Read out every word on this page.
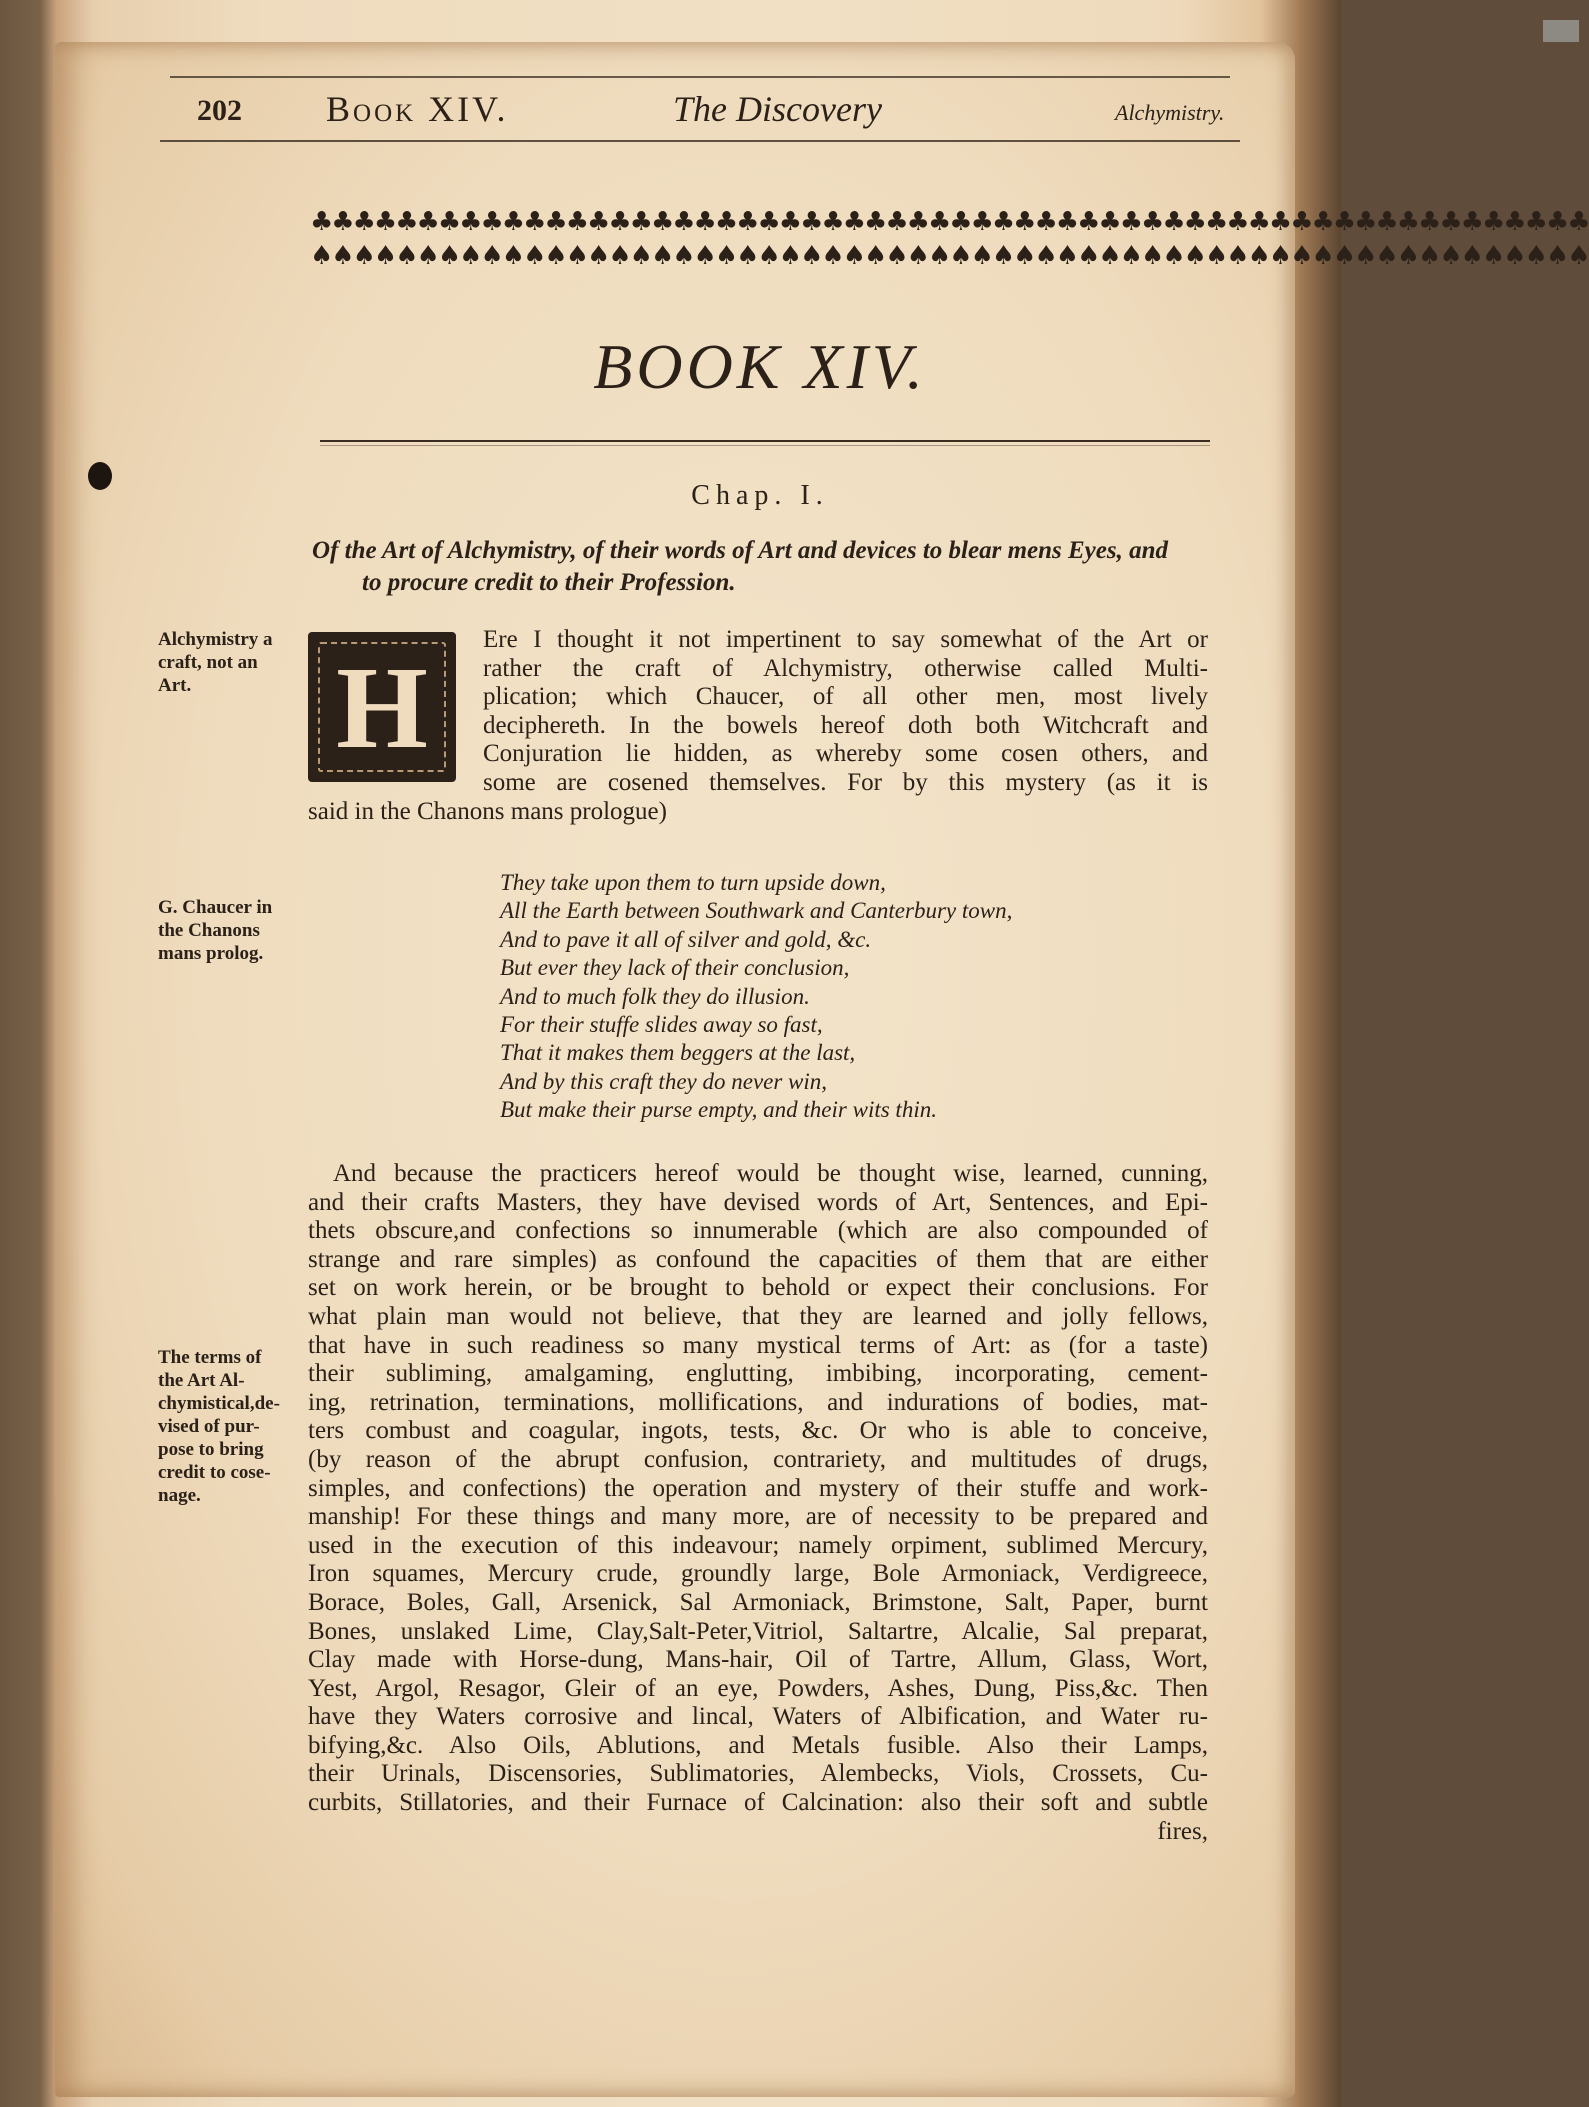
202 Book XIV.	The Discovery	Alchymistry.
♣♣♣♣♣♣♣♣♣♣♣♣♣♣♣♣♣♣♣♣♣♣♣♣♣♣♣♣♣♣♣♣♣♣♣♣♣♣♣♣♣♣♣♣♣♣♣♣♣♣♣♣♣♣♣♣♣♣♣♣
♠♠♠♠♠♠♠♠♠♠♠♠♠♠♠♠♠♠♠♠♠♠♠♠♠♠♠♠♠♠♠♠♠♠♠♠♠♠♠♠♠♠♠♠♠♠♠♠♠♠♠♠♠♠♠♠♠♠♠♠
BOOK XIV.
Chap. I.
Of the Art of Alchymistry, of their words of Art and devices to blear mens Eyes, and
to procure credit to their Profession.
Alchymistry a
craft, not an
Art.
G. Chaucer in
the Chanons
mans prolog.
The terms of
the Art Al-
chymistical,de-
vised of pur-
pose to bring
credit to cose-
nage.
H
Ere I thought it not impertinent to say somewhat of the Art or
rather the craft of Alchymistry, otherwise called Multi-
plication; which Chaucer, of all other men, most lively
deciphereth. In the bowels hereof doth both Witchcraft and
Conjuration lie hidden, as whereby some cosen others, and
some are cosened themselves. For by this mystery (as it is
said in the Chanons mans prologue)
They take upon them to turn upside down,
All the Earth between Southwark and Canterbury town,
And to pave it all of silver and gold, &c.
But ever they lack of their conclusion,
And to much folk they do illusion.
For their stuffe slides away so fast,
That it makes them beggers at the last,
And by this craft they do never win,
But make their purse empty, and their wits thin.
And because the practicers hereof would be thought wise, learned, cunning,
and their crafts Masters, they have devised words of Art, Sentences, and Epi-
thets obscure,and confections so innumerable (which are also compounded of
strange and rare simples) as confound the capacities of them that are either
set on work herein, or be brought to behold or expect their conclusions. For
what plain man would not believe, that they are learned and jolly fellows,
that have in such readiness so many mystical terms of Art: as (for a taste)
their subliming, amalgaming, englutting, imbibing, incorporating, cement-
ing, retrination, terminations, mollifications, and indurations of bodies, mat-
ters combust and coagular, ingots, tests, &c. Or who is able to conceive,
(by reason of the abrupt confusion, contrariety, and multitudes of drugs,
simples, and confections) the operation and mystery of their stuffe and work-
manship! For these things and many more, are of necessity to be prepared and
used in the execution of this indeavour; namely orpiment, sublimed Mercury,
Iron squames, Mercury crude, groundly large, Bole Armoniack, Verdigreece,
Borace, Boles, Gall, Arsenick, Sal Armoniack, Brimstone, Salt, Paper, burnt
Bones, unslaked Lime, Clay,Salt-Peter,Vitriol, Saltartre, Alcalie, Sal preparat,
Clay made with Horse-dung, Mans-hair, Oil of Tartre, Allum, Glass, Wort,
Yest, Argol, Resagor, Gleir of an eye, Powders, Ashes, Dung, Piss,&c. Then
have they Waters corrosive and lincal, Waters of Albification, and Water ru-
bifying,&c. Also Oils, Ablutions, and Metals fusible. Also their Lamps,
their Urinals, Discensories, Sublimatories, Alembecks, Viols, Crossets, Cu-
curbits, Stillatories, and their Furnace of Calcination: also their soft and subtle
fires,
